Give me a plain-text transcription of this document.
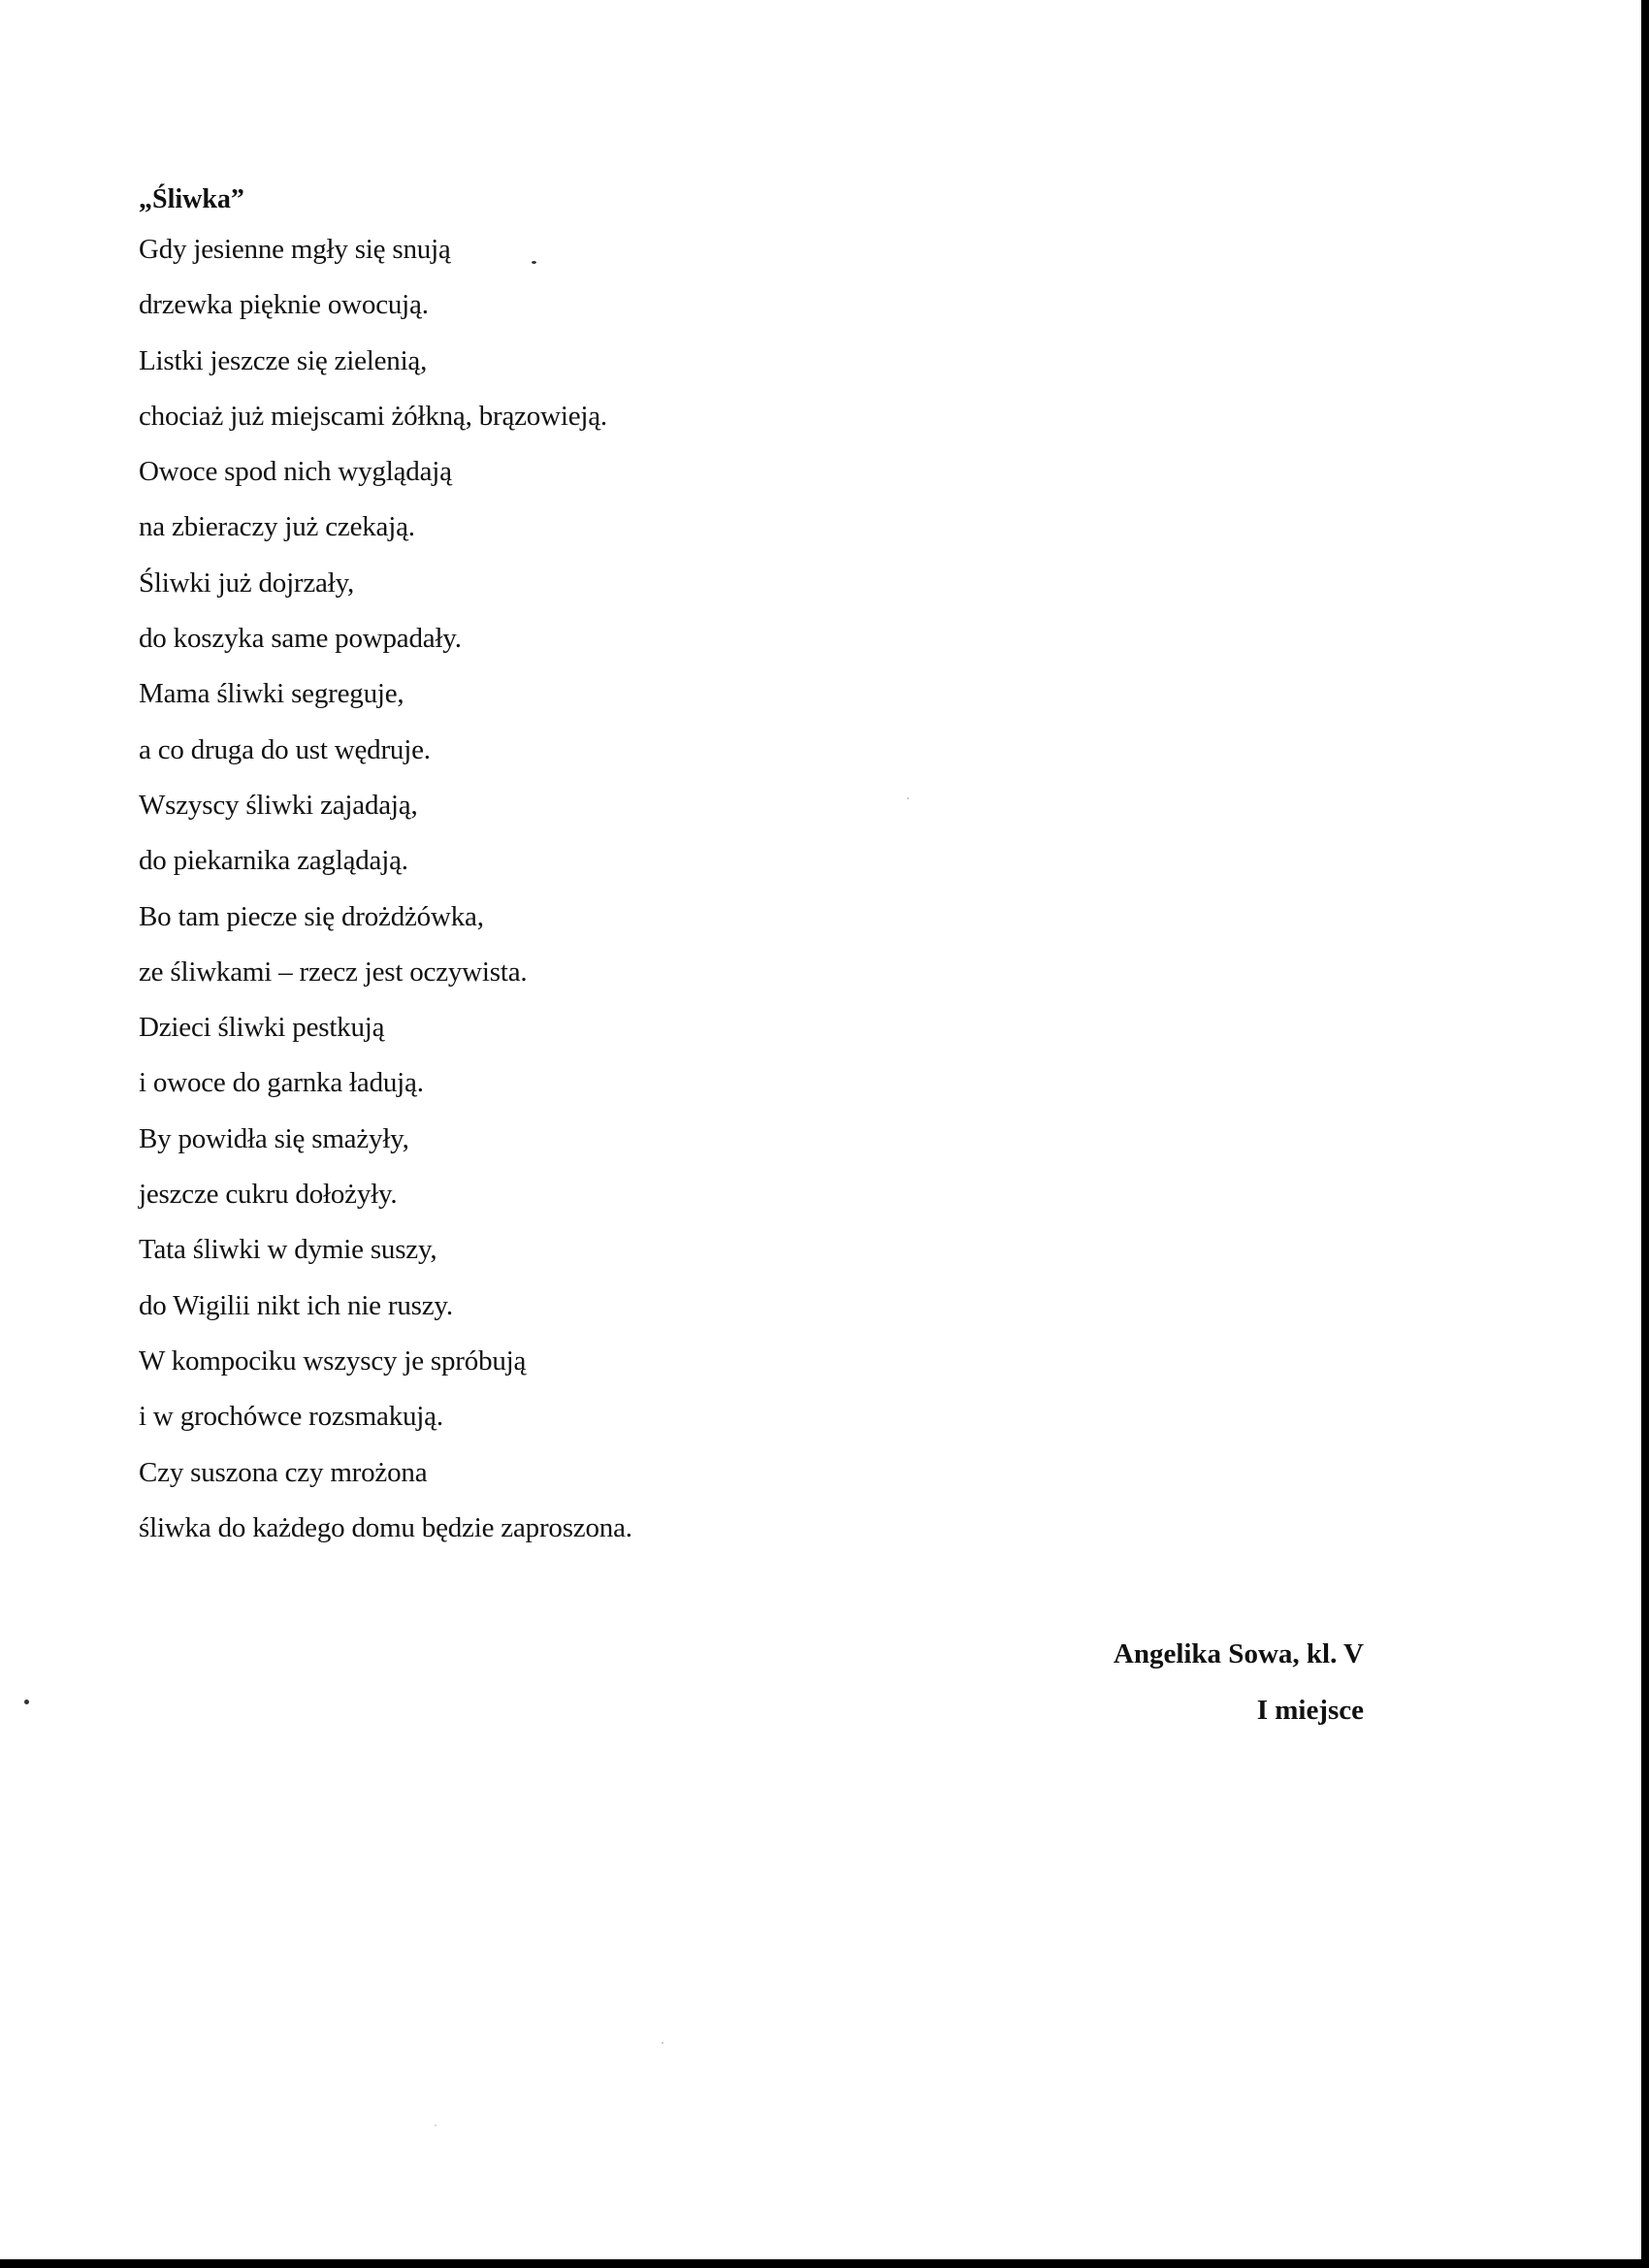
„Śliwka”
Gdy jesienne mgły się snują
drzewka pięknie owocują.
Listki jeszcze się zielenią,
chociaż już miejscami żółkną, brązowieją.
Owoce spod nich wyglądają
na zbieraczy już czekają.
Śliwki już dojrzały,
do koszyka same powpadały.
Mama śliwki segreguje,
a co druga do ust wędruje.
Wszyscy śliwki zajadają,
do piekarnika zaglądają.
Bo tam piecze się drożdżówka,
ze śliwkami – rzecz jest oczywista.
Dzieci śliwki pestkują
i owoce do garnka ładują.
By powidła się smażyły,
jeszcze cukru dołożyły.
Tata śliwki w dymie suszy,
do Wigilii nikt ich nie ruszy.
W kompociku wszyscy je spróbują
i w grochówce rozsmakują.
Czy suszona czy mrożona
śliwka do każdego domu będzie zaproszona.
Angelika Sowa, kl. V
I miejsce
